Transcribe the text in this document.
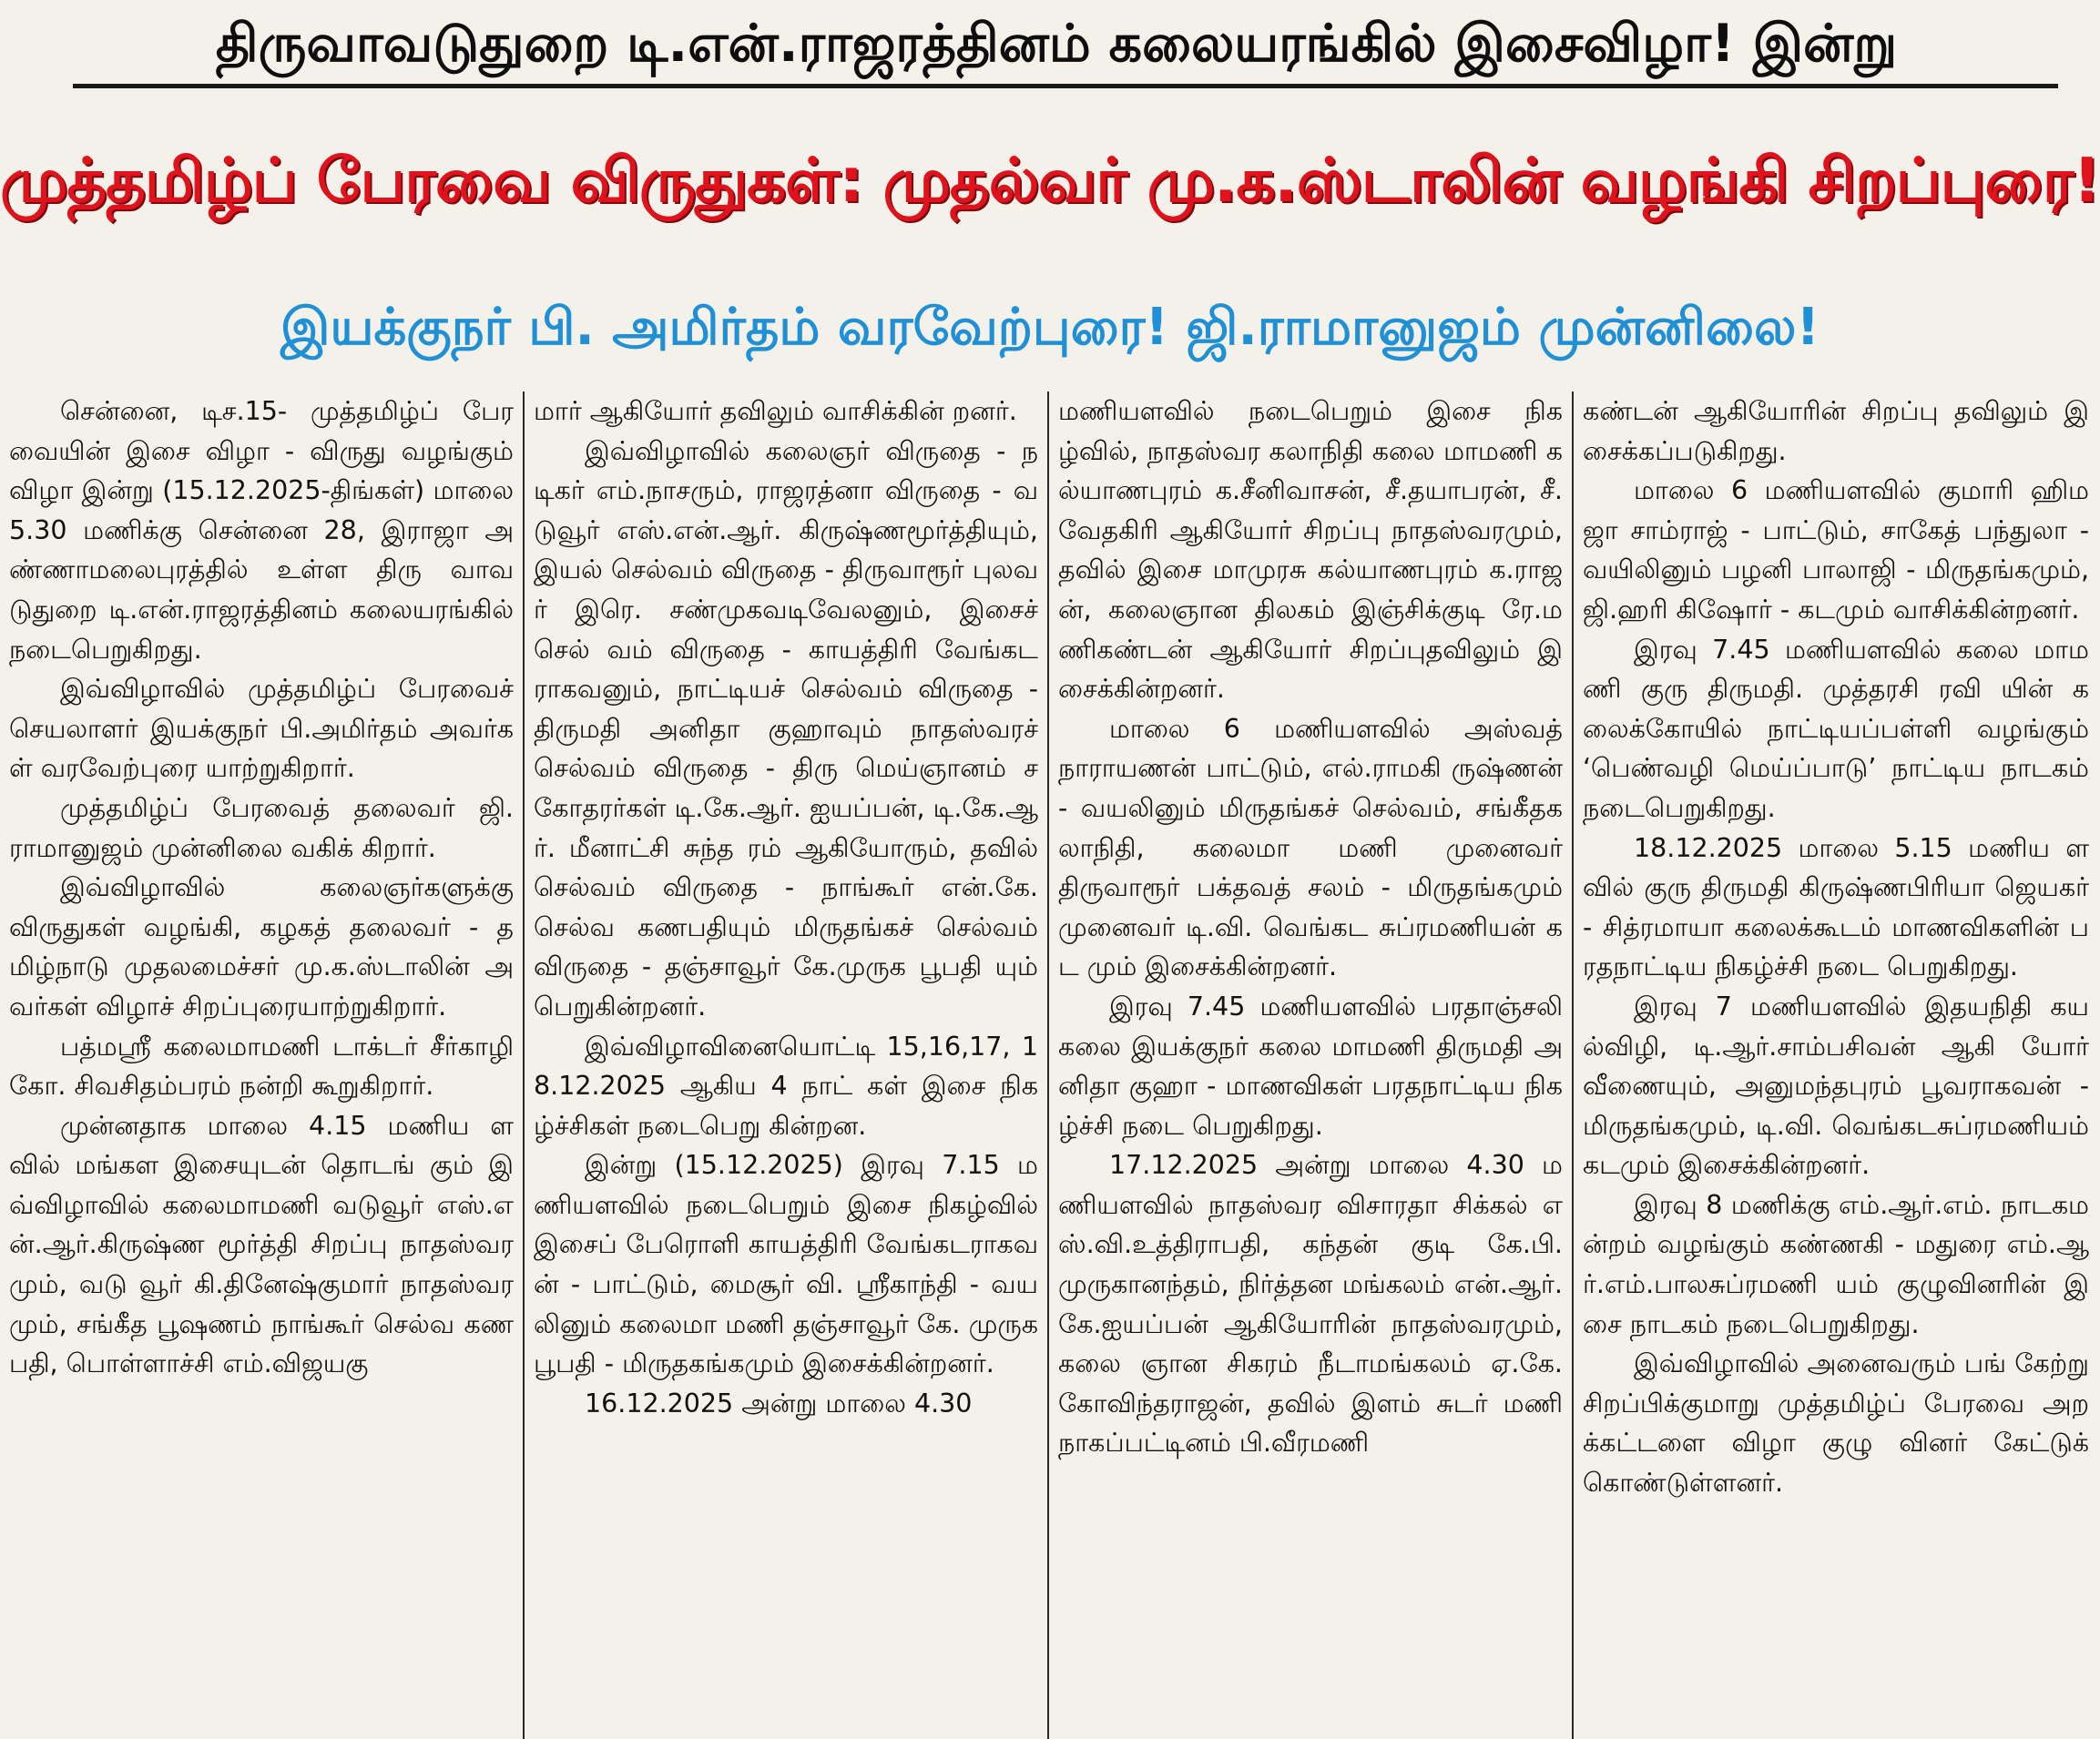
திருவாவடுதுறை டி.என்.ராஜரத்தினம் கலையரங்கில் இசைவிழா! இன்று
முத்தமிழ்ப் பேரவை விருதுகள்: முதல்வர் மு.க.ஸ்டாலின் வழங்கி சிறப்புரை!
இயக்குநர் பி. அமிர்தம் வரவேற்புரை! ஜி.ராமானுஜம் முன்னிலை!

சென்னை, டிச.15- முத்தமிழ்ப் பேரவையின் இசை விழா - விருது வழங்கும் விழா இன்று (15.12.2025-திங்கள்) மாலை 5.30 மணிக்கு சென்னை 28, இராஜா அண்ணாமலைபுரத்தில் உள்ள திரு வாவடுதுறை டி.என்.ராஜரத்தினம் கலையரங்கில் நடைபெறுகிறது.

இவ்விழாவில் முத்தமிழ்ப் பேரவைச் செயலாளர் இயக்குநர் பி.அமிர்தம் அவர்கள் வரவேற்புரை யாற்றுகிறார்.

முத்தமிழ்ப் பேரவைத் தலைவர் ஜி.ராமானுஜம் முன்னிலை வகிக் கிறார்.

இவ்விழாவில் கலைஞர்களுக்கு விருதுகள் வழங்கி, கழகத் தலைவர் - தமிழ்நாடு முதலமைச்சர் மு.க.ஸ்டாலின் அவர்கள் விழாச் சிறப்புரையாற்றுகிறார்.

பத்மஸ்ரீ கலைமாமணி டாக்டர் சீர்காழி கோ. சிவசிதம்பரம் நன்றி கூறுகிறார்.

முன்னதாக மாலை 4.15 மணிய ளவில் மங்கள இசையுடன் தொடங் கும் இவ்விழாவில் கலைமாமணி வடுவூர் எஸ்.என்.ஆர்.கிருஷ்ண மூர்த்தி சிறப்பு நாதஸ்வரமும், வடு வூர் கி.தினேஷ்குமார் நாதஸ்வரமும், சங்கீத பூஷணம் நாங்கூர் செல்வ கணபதி, பொள்ளாச்சி எம்.விஜயகு

மார் ஆகியோர் தவிலும் வாசிக்கின் றனர்.

இவ்விழாவில் கலைஞர் விருதை - நடிகர் எம்.நாசரும், ராஜரத்னா விருதை - வடுவூர் எஸ்.என்.ஆர். கிருஷ்ணமூர்த்தியும், இயல் செல்வம் விருதை - திருவாரூர் புலவர் இரெ. சண்முகவடிவேலனும், இசைச் செல் வம் விருதை - காயத்திரி வேங்கட ராகவனும், நாட்டியச் செல்வம் விருதை - திருமதி அனிதா குஹாவும் நாதஸ்வரச் செல்வம் விருதை - திரு மெய்ஞானம் சகோதரர்கள் டி.கே.ஆர். ஐயப்பன், டி.கே.ஆர். மீனாட்சி சுந்த ரம் ஆகியோரும், தவில் செல்வம் விருதை - நாங்கூர் என்.கே. செல்வ கணபதியும் மிருதங்கச் செல்வம் விருதை - தஞ்சாவூர் கே.முருக பூபதி யும் பெறுகின்றனர்.

இவ்விழாவினையொட்டி 15,16,17, 18.12.2025 ஆகிய 4 நாட் கள் இசை நிகழ்ச்சிகள் நடைபெறு கின்றன.

இன்று (15.12.2025) இரவு 7.15 மணியளவில் நடைபெறும் இசை நிகழ்வில் இசைப் பேரொளி காயத்திரி வேங்கடராகவன் - பாட்டும், மைசூர் வி. ஸ்ரீகாந்தி - வயலினும் கலைமா மணி தஞ்சாவூர் கே. முருகபூபதி - மிருதகங்கமும் இசைக்கின்றனர்.

16.12.2025 அன்று மாலை 4.30

மணியளவில் நடைபெறும் இசை நிகழ்வில், நாதஸ்வர கலாநிதி கலை மாமணி கல்யாணபுரம் க.சீனிவாசன், சீ.தயாபரன், சீ.வேதகிரி ஆகியோர் சிறப்பு நாதஸ்வரமும், தவில் இசை மாமுரசு கல்யாணபுரம் க.ராஜன், கலைஞான திலகம் இஞ்சிக்குடி ரே.மணிகண்டன் ஆகியோர் சிறப்புதவிலும் இசைக்கின்றனர்.

மாலை 6 மணியளவில் அஸ்வத் நாராயணன் பாட்டும், எல்.ராமகி ருஷ்ணன் - வயலினும் மிருதங்கச் செல்வம், சங்கீதகலாநிதி, கலைமா மணி முனைவர் திருவாரூர் பக்தவத் சலம் - மிருதங்கமும் முனைவர் டி.வி. வெங்கட சுப்ரமணியன் கட மும் இசைக்கின்றனர்.

இரவு 7.45 மணியளவில் பரதாஞ்சலி கலை இயக்குநர் கலை மாமணி திருமதி அனிதா குஹா - மாணவிகள் பரதநாட்டிய நிகழ்ச்சி நடை பெறுகிறது.

17.12.2025 அன்று மாலை 4.30 மணியளவில் நாதஸ்வர விசாரதா சிக்கல் எஸ்.வி.உத்திராபதி, கந்தன் குடி கே.பி. முருகானந்தம், நிர்த்தன மங்கலம் என்.ஆர்.கே.ஐயப்பன் ஆகியோரின் நாதஸ்வரமும், கலை ஞான சிகரம் நீடாமங்கலம் ஏ.கே. கோவிந்தராஜன், தவில் இளம் சுடர் மணி நாகப்பட்டினம் பி.வீரமணி

கண்டன் ஆகியோரின் சிறப்பு தவிலும் இசைக்கப்படுகிறது.

மாலை 6 மணியளவில் குமாரி ஹிமஜா சாம்ராஜ் - பாட்டும், சாகேத் பந்துலா - வயிலினும் பழனி பாலாஜி - மிருதங்கமும், ஜி.ஹரி கிஷோர் - கடமும் வாசிக்கின்றனர்.

இரவு 7.45 மணியளவில் கலை மாமணி குரு திருமதி. முத்தரசி ரவி யின் கலைக்கோயில் நாட்டியப்பள்ளி வழங்கும் ‘பெண்வழி மெய்ப்பாடு’ நாட்டிய நாடகம் நடைபெறுகிறது.

18.12.2025 மாலை 5.15 மணிய ளவில் குரு திருமதி கிருஷ்ணபிரியா ஜெயகர் - சித்ரமாயா கலைக்கூடம் மாணவிகளின் பரதநாட்டிய நிகழ்ச்சி நடை பெறுகிறது.

இரவு 7 மணியளவில் இதயநிதி கயல்விழி, டி.ஆர்.சாம்பசிவன் ஆகி யோர் வீணையும், அனுமந்தபுரம் பூவராகவன் - மிருதங்கமும், டி.வி. வெங்கடசுப்ரமணியம் கடமும் இசைக்கின்றனர்.

இரவு 8 மணிக்கு எம்.ஆர்.எம். நாடகமன்றம் வழங்கும் கண்ணகி - மதுரை எம்.ஆர்.எம்.பாலசுப்ரமணி யம் குழுவினரின் இசை நாடகம் நடைபெறுகிறது.

இவ்விழாவில் அனைவரும் பங் கேற்று சிறப்பிக்குமாறு முத்தமிழ்ப் பேரவை அறக்கட்டளை விழா குழு வினர் கேட்டுக் கொண்டுள்ளனர்.
